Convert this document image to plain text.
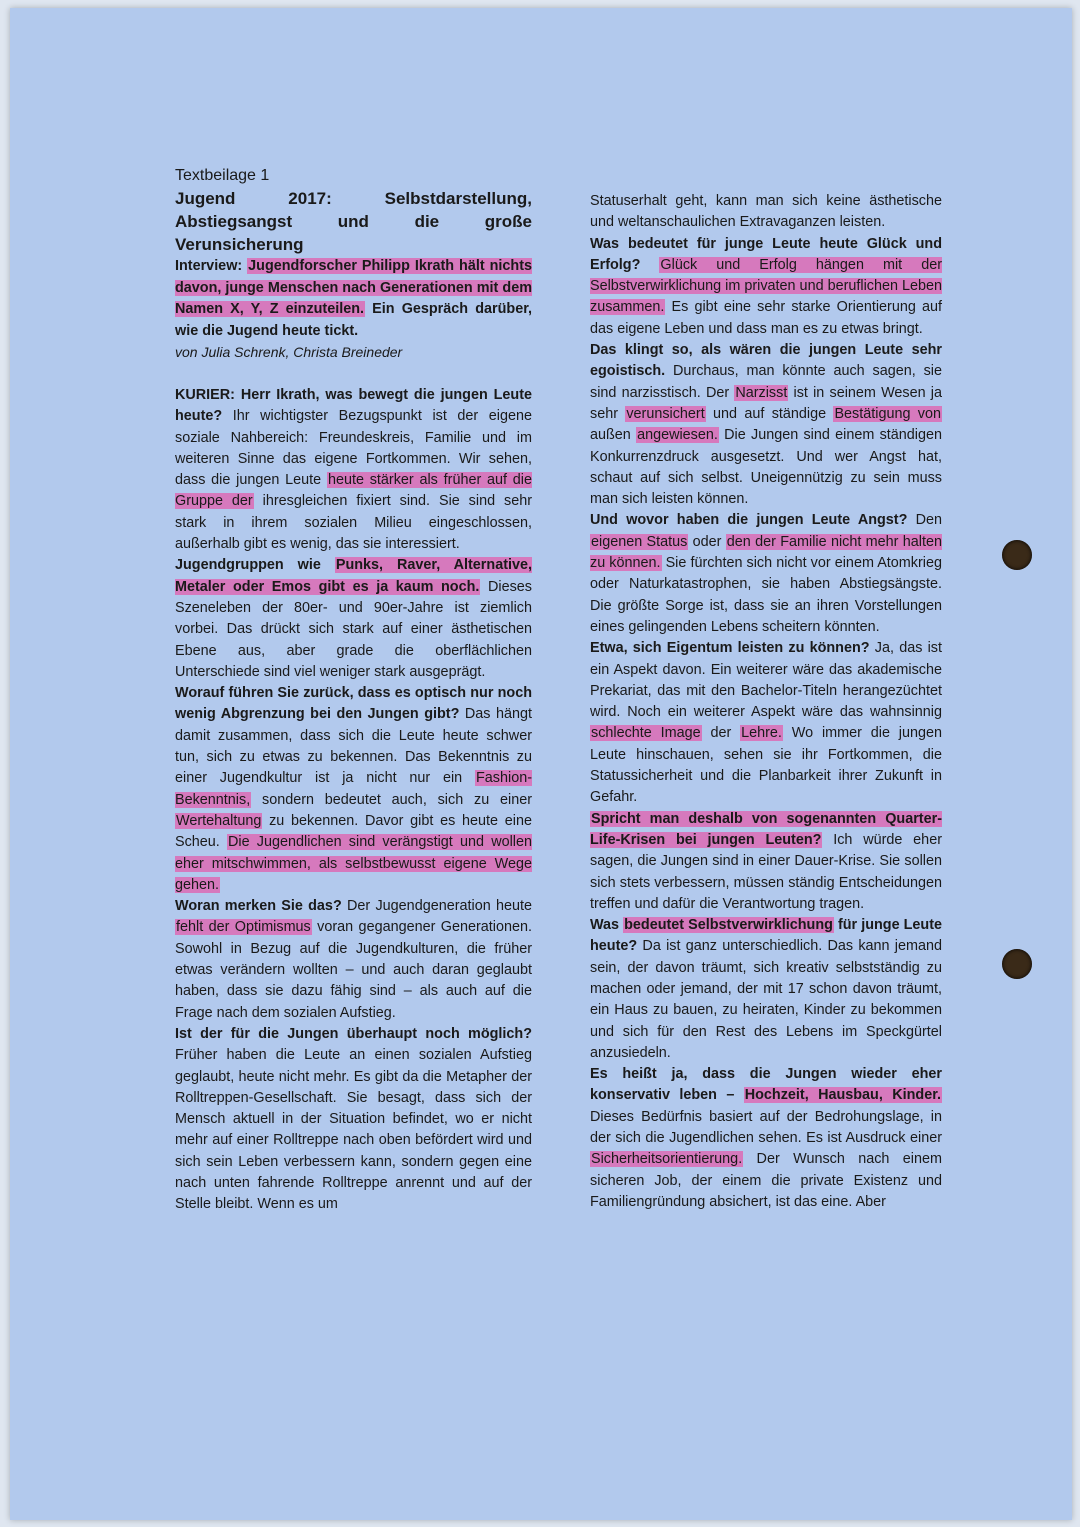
Textbeilage 1

Jugend 2017: Selbstdarstellung, Abstiegsangst und die große Verunsicherung

Interview: Jugendforscher Philipp Ikrath hält nichts davon, junge Menschen nach Generationen mit dem Namen X, Y, Z einzuteilen. Ein Gespräch darüber, wie die Jugend heute tickt.

von Julia Schrenk, Christa Breineder

KURIER: Herr Ikrath, was bewegt die jungen Leute heute? Ihr wichtigster Bezugspunkt ist der eigene soziale Nahbereich: Freundeskreis, Familie und im weiteren Sinne das eigene Fortkommen. Wir sehen, dass die jungen Leute heute stärker als früher auf die Gruppe der ihresgleichen fixiert sind. Sie sind sehr stark in ihrem sozialen Milieu eingeschlossen, außerhalb gibt es wenig, das sie interessiert.

Jugendgruppen wie Punks, Raver, Alternative, Metaler oder Emos gibt es ja kaum noch. Dieses Szeneleben der 80er- und 90er-Jahre ist ziemlich vorbei. Das drückt sich stark auf einer ästhetischen Ebene aus, aber grade die oberflächlichen Unterschiede sind viel weniger stark ausgeprägt.

Worauf führen Sie zurück, dass es optisch nur noch wenig Abgrenzung bei den Jungen gibt? Das hängt damit zusammen, dass sich die Leute heute schwer tun, sich zu etwas zu bekennen. Das Bekenntnis zu einer Jugendkultur ist ja nicht nur ein Fashion-Bekenntnis, sondern bedeutet auch, sich zu einer Wertehaltung zu bekennen. Davor gibt es heute eine Scheu. Die Jugendlichen sind verängstigt und wollen eher mitschwimmen, als selbstbewusst eigene Wege gehen.

Woran merken Sie das? Der Jugendgeneration heute fehlt der Optimismus voran gegangener Generationen. Sowohl in Bezug auf die Jugendkulturen, die früher etwas verändern wollten – und auch daran geglaubt haben, dass sie dazu fähig sind – als auch auf die Frage nach dem sozialen Aufstieg.

Ist der für die Jungen überhaupt noch möglich? Früher haben die Leute an einen sozialen Aufstieg geglaubt, heute nicht mehr. Es gibt da die Metapher der Rolltreppen-Gesellschaft. Sie besagt, dass sich der Mensch aktuell in der Situation befindet, wo er nicht mehr auf einer Rolltreppe nach oben befördert wird und sich sein Leben verbessern kann, sondern gegen eine nach unten fahrende Rolltreppe anrennt und auf der Stelle bleibt. Wenn es um

Statuserhalt geht, kann man sich keine ästhetische und weltanschaulichen Extravaganzen leisten.

Was bedeutet für junge Leute heute Glück und Erfolg? Glück und Erfolg hängen mit der Selbstverwirklichung im privaten und beruflichen Leben zusammen. Es gibt eine sehr starke Orientierung auf das eigene Leben und dass man es zu etwas bringt.

Das klingt so, als wären die jungen Leute sehr egoistisch. Durchaus, man könnte auch sagen, sie sind narzisstisch. Der Narzisst ist in seinem Wesen ja sehr verunsichert und auf ständige Bestätigung von außen angewiesen. Die Jungen sind einem ständigen Konkurrenzdruck ausgesetzt. Und wer Angst hat, schaut auf sich selbst. Uneigennützig zu sein muss man sich leisten können.

Und wovor haben die jungen Leute Angst? Den eigenen Status oder den der Familie nicht mehr halten zu können. Sie fürchten sich nicht vor einem Atomkrieg oder Naturkatastrophen, sie haben Abstiegsängste. Die größte Sorge ist, dass sie an ihren Vorstellungen eines gelingenden Lebens scheitern könnten.

Etwa, sich Eigentum leisten zu können? Ja, das ist ein Aspekt davon. Ein weiterer wäre das akademische Prekariat, das mit den Bachelor-Titeln herangezüchtet wird. Noch ein weiterer Aspekt wäre das wahnsinnig schlechte Image der Lehre. Wo immer die jungen Leute hinschauen, sehen sie ihr Fortkommen, die Statussicherheit und die Planbarkeit ihrer Zukunft in Gefahr.

Spricht man deshalb von sogenannten Quarter-Life-Krisen bei jungen Leuten? Ich würde eher sagen, die Jungen sind in einer Dauer-Krise. Sie sollen sich stets verbessern, müssen ständig Entscheidungen treffen und dafür die Verantwortung tragen.

Was bedeutet Selbstverwirklichung für junge Leute heute? Da ist ganz unterschiedlich. Das kann jemand sein, der davon träumt, sich kreativ selbstständig zu machen oder jemand, der mit 17 schon davon träumt, ein Haus zu bauen, zu heiraten, Kinder zu bekommen und sich für den Rest des Lebens im Speckgürtel anzusiedeln.

Es heißt ja, dass die Jungen wieder eher konservativ leben – Hochzeit, Hausbau, Kinder. Dieses Bedürfnis basiert auf der Bedrohungslage, in der sich die Jugendlichen sehen. Es ist Ausdruck einer Sicherheitsorientierung. Der Wunsch nach einem sicheren Job, der einem die private Existenz und Familiengründung absichert, ist das eine. Aber
